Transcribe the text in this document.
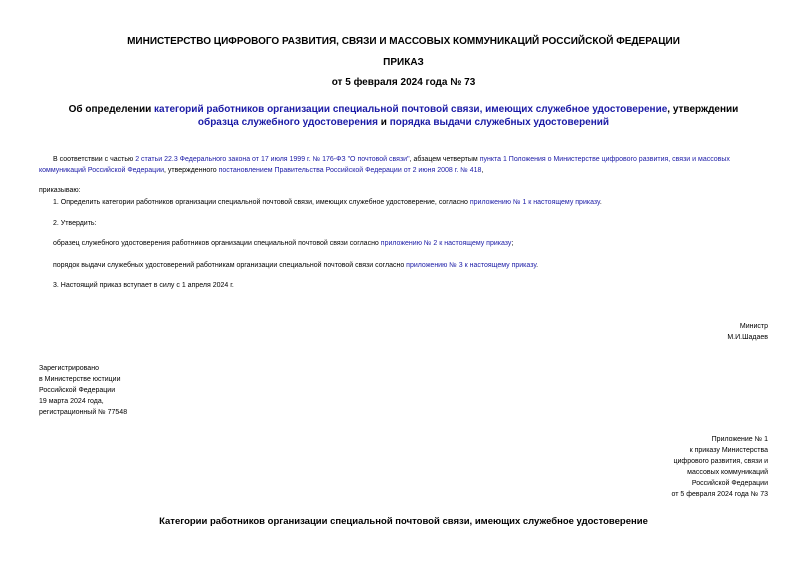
МИНИСТЕРСТВО ЦИФРОВОГО РАЗВИТИЯ, СВЯЗИ И МАССОВЫХ КОММУНИКАЦИЙ РОССИЙСКОЙ ФЕДЕРАЦИИ
ПРИКАЗ
от 5 февраля 2024 года № 73
Об определении категорий работников организации специальной почтовой связи, имеющих служебное удостоверение, утверждении образца служебного удостоверения и порядка выдачи служебных удостоверений
В соответствии с частью 2 статьи 22.3 Федерального закона от 17 июля 1999 г. № 176-ФЗ "О почтовой связи", абзацем четвертым пункта 1 Положения о Министерстве цифрового развития, связи и массовых коммуникаций Российской Федерации, утвержденного постановлением Правительства Российской Федерации от 2 июня 2008 г. № 418,
приказываю:
1. Определить категории работников организации специальной почтовой связи, имеющих служебное удостоверение, согласно приложению № 1 к настоящему приказу.
2. Утвердить:
образец служебного удостоверения работников организации специальной почтовой связи согласно приложению № 2 к настоящему приказу;
порядок выдачи служебных удостоверений работникам организации специальной почтовой связи согласно приложению № 3 к настоящему приказу.
3. Настоящий приказ вступает в силу с 1 апреля 2024 г.
Министр
М.И.Шадаев
Зарегистрировано
в Министерстве юстиции
Российской Федерации
19 марта 2024 года,
регистрационный № 77548
Приложение № 1
к приказу Министерства
цифрового развития, связи и
массовых коммуникаций
Российской Федерации
от 5 февраля 2024 года № 73
Категории работников организации специальной почтовой связи, имеющих служебное удостоверение
